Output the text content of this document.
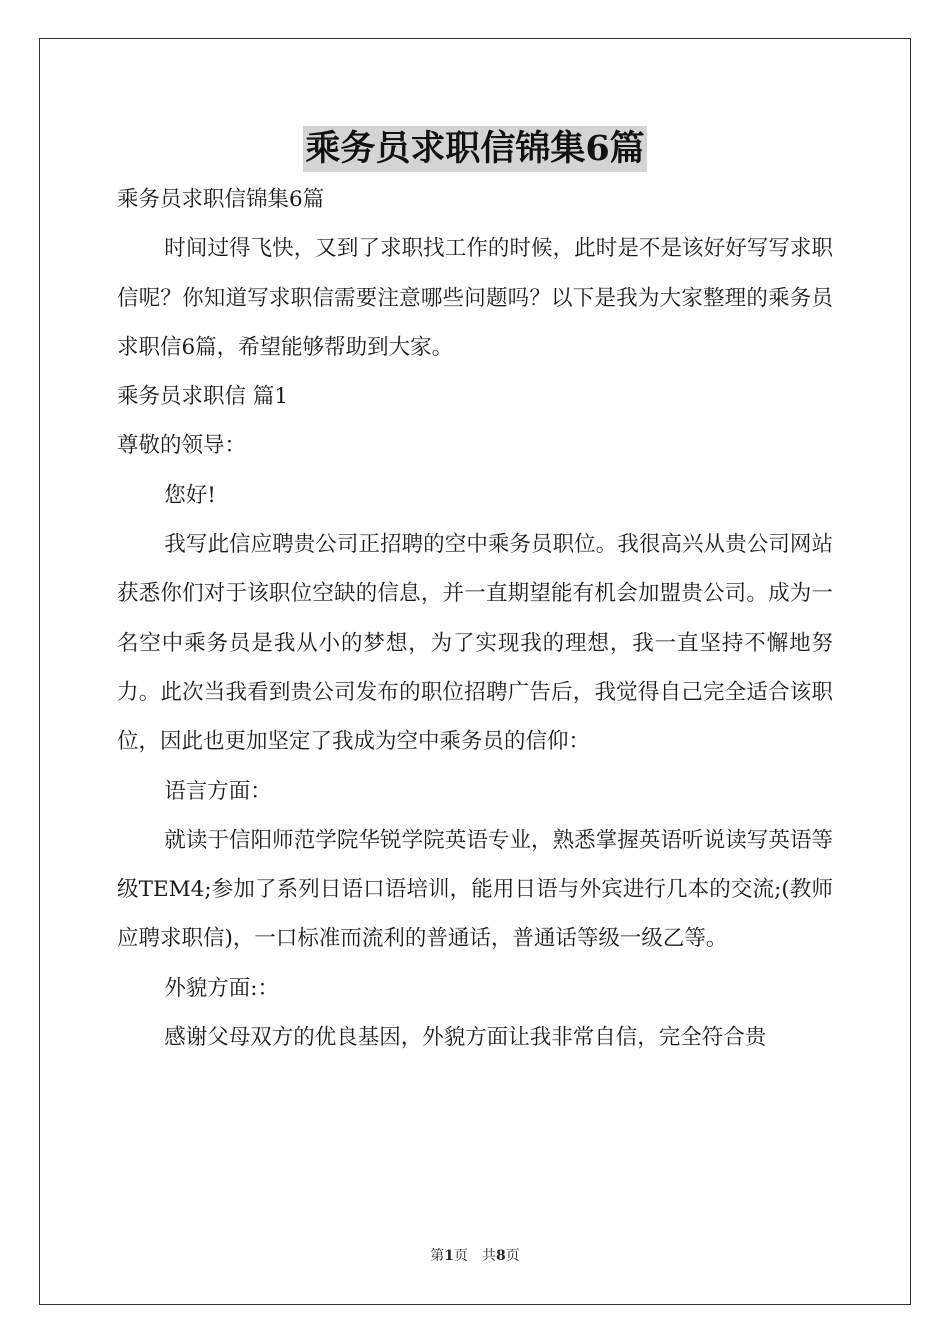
乘务员求职信锦集6篇

乘务员求职信锦集6篇

时间过得飞快，又到了求职找工作的时候，此时是不是该好好写写求职信呢？你知道写求职信需要注意哪些问题吗？以下是我为大家整理的乘务员求职信6篇，希望能够帮助到大家。

乘务员求职信 篇1

尊敬的领导：

您好!

我写此信应聘贵公司正招聘的空中乘务员职位。我很高兴从贵公司网站获悉你们对于该职位空缺的信息，并一直期望能有机会加盟贵公司。成为一名空中乘务员是我从小的梦想，为了实现我的理想，我一直坚持不懈地努力。此次当我看到贵公司发布的职位招聘广告后，我觉得自己完全适合该职位，因此也更加坚定了我成为空中乘务员的信仰：

语言方面：

就读于信阳师范学院华锐学院英语专业，熟悉掌握英语听说读写英语等级TEM4;参加了系列日语口语培训，能用日语与外宾进行几本的交流;(教师应聘求职信)，一口标准而流利的普通话，普通话等级一级乙等。

外貌方面:：

感谢父母双方的优良基因，外貌方面让我非常自信，完全符合贵

第1页　共8页
